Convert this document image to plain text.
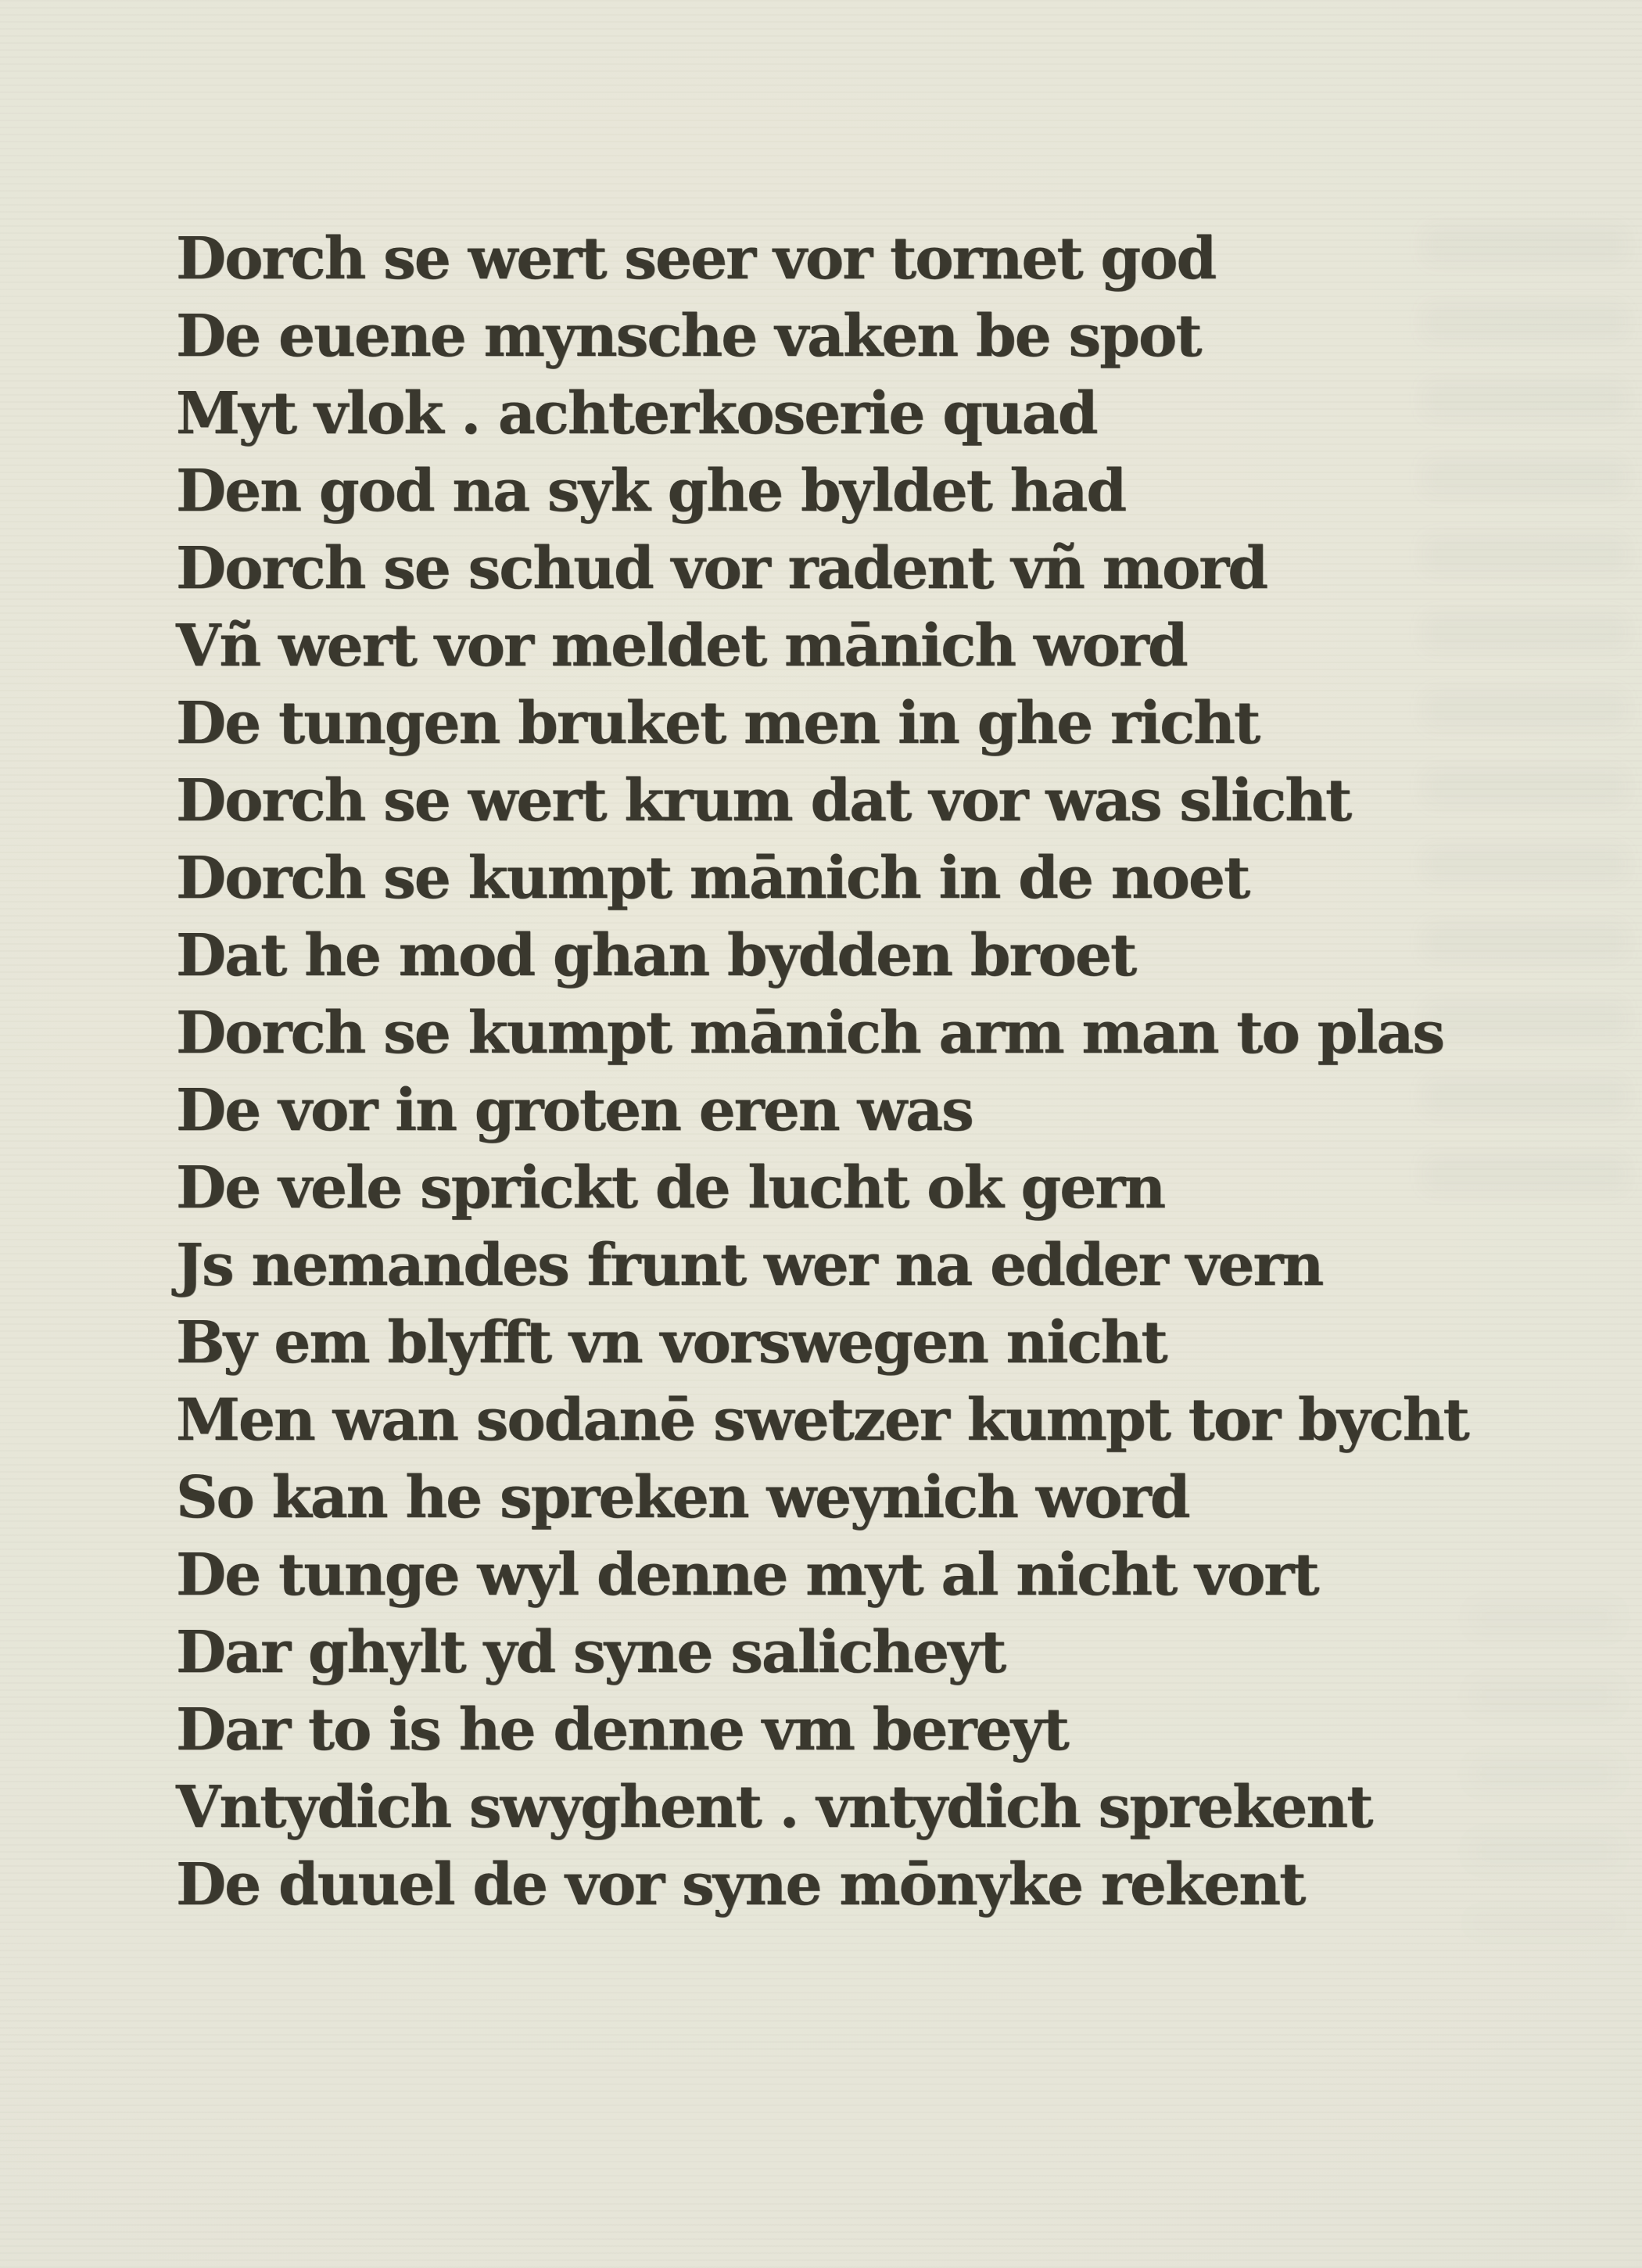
Dorch se wert seer vor tornet god
De euene mynsche vaken be spot
Myt vlok . achterkoserie quad
Den god na syk ghe byldet had
Dorch se schud vor radent vñ mord
Vñ wert vor meldet mānich word
De tungen bruket men in ghe richt
Dorch se wert krum dat vor was slicht
Dorch se kumpt mānich in de noet
Dat he mod ghan bydden broet
Dorch se kumpt mānich arm man to plas
De vor in groten eren was
De vele sprickt de lucht ok gern
Js nemandes frunt wer na edder vern
By em blyfft vn vorswegen nicht
Men wan sodanē swetzer kumpt tor bycht
So kan he spreken weynich word
De tunge wyl denne myt al nicht vort
Dar ghylt yd syne salicheyt
Dar to is he denne vm bereyt
Vntydich swyghent . vntydich sprekent
De duuel de vor syne mōnyke rekent
